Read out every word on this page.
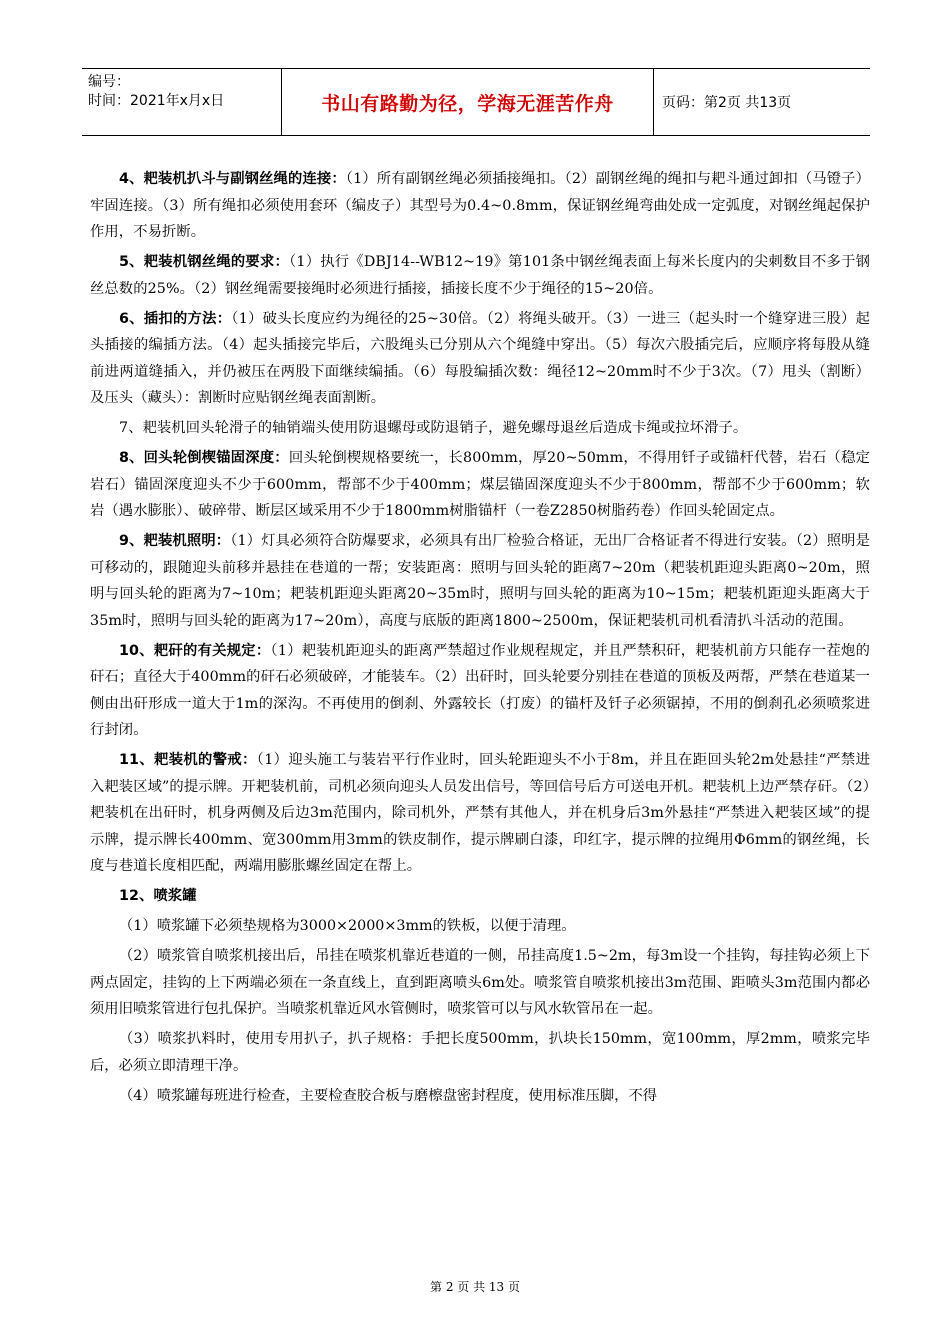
编号：
时间：2021年x月x日	书山有路勤为径，学海无涯苦作舟	页码：第2页 共13页

4、耙装机扒斗与副钢丝绳的连接：（1）所有副钢丝绳必须插接绳扣。（2）副钢丝绳的绳扣与耙斗通过卸扣（马镫子）牢固连接。（3）所有绳扣必须使用套环（编皮子）其型号为0.4~0.8mm，保证钢丝绳弯曲处成一定弧度，对钢丝绳起保护作用，不易折断。

5、耙装机钢丝绳的要求：（1）执行《DBJ14--WB12~19》第101条中钢丝绳表面上每米长度内的尖刺数目不多于钢丝总数的25%。（2）钢丝绳需要接绳时必须进行插接，插接长度不少于绳径的15~20倍。

6、插扣的方法：（1）破头长度应约为绳径的25~30倍。（2）将绳头破开。（3）一进三（起头时一个缝穿进三股）起头插接的编插方法。（4）起头插接完毕后，六股绳头已分别从六个绳缝中穿出。（5）每次六股插完后，应顺序将每股从缝前进两道缝插入，并仍被压在两股下面继续编插。（6）每股编插次数：绳径12~20mm时不少于3次。（7）甩头（割断）及压头（藏头）：割断时应贴钢丝绳表面割断。

7、耙装机回头轮滑子的轴销端头使用防退螺母或防退销子，避免螺母退丝后造成卡绳或拉坏滑子。

8、回头轮倒楔锚固深度：回头轮倒楔规格要统一，长800mm，厚20~50mm，不得用钎子或锚杆代替，岩石（稳定岩石）锚固深度迎头不少于600mm，帮部不少于400mm；煤层锚固深度迎头不少于800mm，帮部不少于600mm；软岩（遇水膨胀）、破碎带、断层区域采用不少于1800mm树脂锚杆（一卷Z2850树脂药卷）作回头轮固定点。

9、耙装机照明：（1）灯具必须符合防爆要求，必须具有出厂检验合格证，无出厂合格证者不得进行安装。（2）照明是可移动的，跟随迎头前移并悬挂在巷道的一帮；安装距离：照明与回头轮的距离7~20m（耙装机距迎头距离0~20m，照明与回头轮的距离为7~10m；耙装机距迎头距离20~35m时，照明与回头轮的距离为10~15m；耙装机距迎头距离大于35m时，照明与回头轮的距离为17~20m），高度与底版的距离1800~2500m，保证耙装机司机看清扒斗活动的范围。

10、耙矸的有关规定：（1）耙装机距迎头的距离严禁超过作业规程规定，并且严禁积矸，耙装机前方只能存一茬炮的矸石；直径大于400mm的矸石必须破碎，才能装车。（2）出矸时，回头轮要分别挂在巷道的顶板及两帮，严禁在巷道某一侧由出矸形成一道大于1m的深沟。不再使用的倒刹、外露较长（打废）的锚杆及钎子必须锯掉，不用的倒刹孔必须喷浆进行封闭。

11、耙装机的警戒：（1）迎头施工与装岩平行作业时，回头轮距迎头不小于8m，并且在距回头轮2m处悬挂“严禁进入耙装区域”的提示牌。开耙装机前，司机必须向迎头人员发出信号，等回信号后方可送电开机。耙装机上边严禁存矸。（2）耙装机在出矸时，机身两侧及后边3m范围内，除司机外，严禁有其他人，并在机身后3m外悬挂“严禁进入耙装区域”的提示牌，提示牌长400mm、宽300mm用3mm的铁皮制作，提示牌刷白漆，印红字，提示牌的拉绳用Φ6mm的钢丝绳，长度与巷道长度相匹配，两端用膨胀螺丝固定在帮上。

12、喷浆罐

（1）喷浆罐下必须垫规格为3000×2000×3mm的铁板，以便于清理。

（2）喷浆管自喷浆机接出后，吊挂在喷浆机靠近巷道的一侧，吊挂高度1.5~2m，每3m设一个挂钩，每挂钩必须上下两点固定，挂钩的上下两端必须在一条直线上，直到距离喷头6m处。喷浆管自喷浆机接出3m范围、距喷头3m范围内都必须用旧喷浆管进行包扎保护。当喷浆机靠近风水管侧时，喷浆管可以与风水软管吊在一起。

（3）喷浆扒料时，使用专用扒子，扒子规格：手把长度500mm，扒块长150mm，宽100mm，厚2mm，喷浆完毕后，必须立即清理干净。

（4）喷浆罐每班进行检查，主要检查胶合板与磨檫盘密封程度，使用标准压脚，不得

第 2 页 共 13 页
